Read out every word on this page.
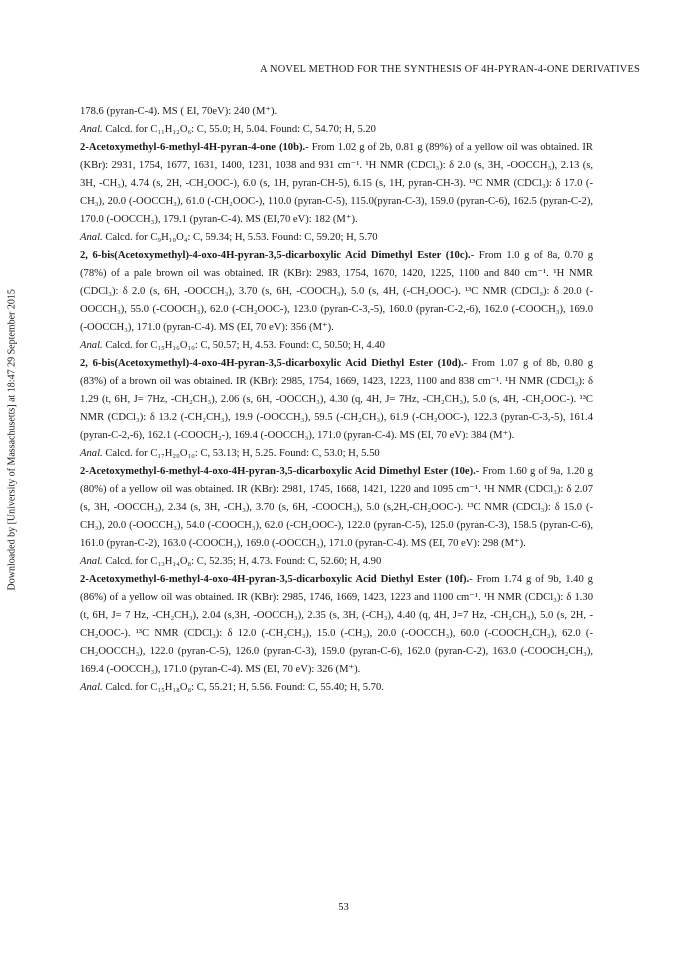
A NOVEL METHOD FOR THE SYNTHESIS OF 4H-PYRAN-4-ONE DERIVATIVES
Downloaded by [University of Massachusetts] at 18:47 29 September 2015

178.6 (pyran-C-4). MS ( EI, 70eV): 240 (M⁺).

Anal. Calcd. for C₁₁H₁₂O₆: C, 55.0; H, 5.04. Found: C, 54.70; H, 5.20

2-Acetoxymethyl-6-methyl-4H-pyran-4-one (10b).- From 1.02 g of 2b, 0.81 g (89%) of a yellow oil was obtained. IR (KBr): 2931, 1754, 1677, 1631, 1400, 1231, 1038 and 931 cm⁻¹. ¹H NMR (CDCl₃): δ 2.0 (s, 3H, -OOCCH₃), 2.13 (s, 3H, -CH₃), 4.74 (s, 2H, -CH₂OOC-), 6.0 (s, 1H, pyran-CH-5), 6.15 (s, 1H, pyran-CH-3). ¹³C NMR (CDCl₃): δ 17.0 (-CH₃), 20.0 (-OOCCH₃), 61.0 (-CH₂OOC-), 110.0 (pyran-C-5), 115.0(pyran-C-3), 159.0 (pyran-C-6), 162.5 (pyran-C-2), 170.0 (-OOCCH₃), 179.1 (pyran-C-4). MS (EI,70 eV): 182 (M⁺).

Anal. Calcd. for C₉H₁₀O₄: C, 59.34; H, 5.53. Found: C, 59.20; H, 5.70

2, 6-bis(Acetoxymethyl)-4-oxo-4H-pyran-3,5-dicarboxylic Acid Dimethyl Ester (10c).- From 1.0 g of 8a, 0.70 g (78%) of a pale brown oil was obtained. IR (KBr): 2983, 1754, 1670, 1420, 1225, 1100 and 840 cm⁻¹. ¹H NMR (CDCl₃): δ 2.0 (s, 6H, -OOCCH₃), 3.70 (s, 6H, -COOCH₃), 5.0 (s, 4H, (-CH₂OOC-). ¹³C NMR (CDCl₃): δ 20.0 (-OOCCH₃), 55.0 (-COOCH₃), 62.0 (-CH₂OOC-), 123.0 (pyran-C-3,-5), 160.0 (pyran-C-2,-6), 162.0 (-COOCH₃), 169.0 (-OOCCH₃), 171.0 (pyran-C-4). MS (EI, 70 eV): 356 (M⁺).

Anal. Calcd. for C₁₅H₁₆O₁₀: C, 50.57; H, 4.53. Found: C, 50.50; H, 4.40

2, 6-bis(Acetoxymethyl)-4-oxo-4H-pyran-3,5-dicarboxylic Acid Diethyl Ester (10d).- From 1.07 g of 8b, 0.80 g (83%) of a brown oil was obtained. IR (KBr): 2985, 1754, 1669, 1423, 1223, 1100 and 838 cm⁻¹. ¹H NMR (CDCl₃): δ 1.29 (t, 6H, J= 7Hz, -CH₂CH₃), 2.06 (s, 6H, -OOCCH₃), 4.30 (q, 4H, J= 7Hz, -CH₂CH₃), 5.0 (s, 4H, -CH₂OOC-). ¹³C NMR (CDCl₃): δ 13.2 (-CH₂CH₃), 19.9 (-OOCCH₃), 59.5 (-CH₂CH₃), 61.9 (-CH₂OOC-), 122.3 (pyran-C-3,-5), 161.4 (pyran-C-2,-6), 162.1 (-COOCH₂-), 169.4 (-OOCCH₃), 171.0 (pyran-C-4). MS (EI, 70 eV): 384 (M⁺).

Anal. Calcd. for C₁₇H₂₀O₁₀: C, 53.13; H, 5.25. Found: C, 53.0; H, 5.50

2-Acetoxymethyl-6-methyl-4-oxo-4H-pyran-3,5-dicarboxylic Acid Dimethyl Ester (10e).- From 1.60 g of 9a, 1.20 g (80%) of a yellow oil was obtained. IR (KBr): 2981, 1745, 1668, 1421, 1220 and 1095 cm⁻¹. ¹H NMR (CDCl₃): δ 2.07 (s, 3H, -OOCCH₃), 2.34 (s, 3H, -CH₃), 3.70 (s, 6H, -COOCH₃), 5.0 (s,2H,-CH₂OOC-). ¹³C NMR (CDCl₃): δ 15.0 (-CH₃), 20.0 (-OOCCH₃), 54.0 (-COOCH₃), 62.0 (-CH₂OOC-), 122.0 (pyran-C-5), 125.0 (pyran-C-3), 158.5 (pyran-C-6), 161.0 (pyran-C-2), 163.0 (-COOCH₃), 169.0 (-OOCCH₃), 171.0 (pyran-C-4). MS (EI, 70 eV): 298 (M⁺).

Anal. Calcd. for C₁₃H₁₄O₈: C, 52.35; H, 4.73. Found: C, 52.60; H, 4.90

2-Acetoxymethyl-6-methyl-4-oxo-4H-pyran-3,5-dicarboxylic Acid Diethyl Ester (10f).- From 1.74 g of 9b, 1.40 g (86%) of a yellow oil was obtained. IR (KBr): 2985, 1746, 1669, 1423, 1223 and 1100 cm⁻¹. ¹H NMR (CDCl₃): δ 1.30 (t, 6H, J= 7 Hz, -CH₂CH₃), 2.04 (s,3H, -OOCCH₃), 2.35 (s, 3H, (-CH₃), 4.40 (q, 4H, J=7 Hz, -CH₂CH₃), 5.0 (s, 2H, -CH₂OOC-). ¹³C NMR (CDCl₃): δ 12.0 (-CH₂CH₃), 15.0 (-CH₃), 20.0 (-OOCCH₃), 60.0 (-COOCH₂CH₃), 62.0 (-CH₂OOCCH₃), 122.0 (pyran-C-5), 126.0 (pyran-C-3), 159.0 (pyran-C-6), 162.0 (pyran-C-2), 163.0 (-COOCH₂CH₃), 169.4 (-OOCCH₃), 171.0 (pyran-C-4). MS (EI, 70 eV): 326 (M⁺).

Anal. Calcd. for C₁₅H₁₈O₈: C, 55.21; H, 5.56. Found: C, 55.40; H, 5.70.

53
